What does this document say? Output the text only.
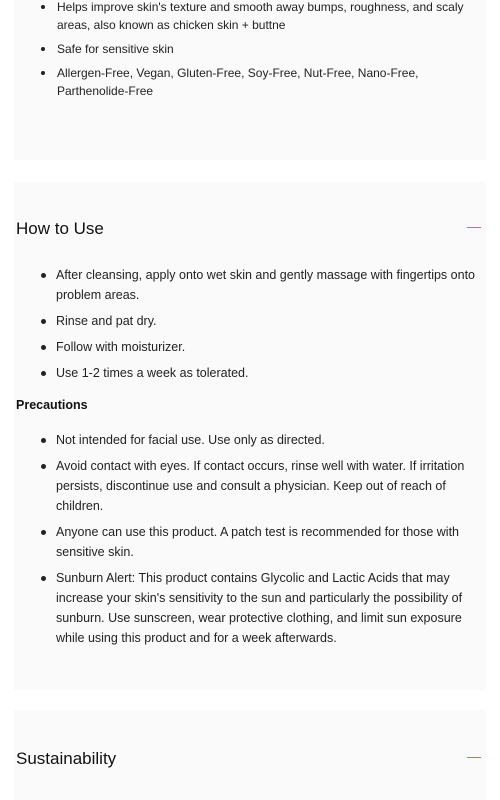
Helps improve skin's texture and smooth away bumps, roughness, and scaly areas, also known as chicken skin + buttne
Safe for sensitive skin
Allergen-Free, Vegan, Gluten-Free, Soy-Free, Nut-Free, Nano-Free, Parthenolide-Free
How to Use
After cleansing, apply onto wet skin and gently massage with fingertips onto problem areas.
Rinse and pat dry.
Follow with moisturizer.
Use 1-2 times a week as tolerated.
Precautions
Not intended for facial use. Use only as directed.
Avoid contact with eyes. If contact occurs, rinse well with water. If irritation persists, discontinue use and consult a physician. Keep out of reach of children.
Anyone can use this product. A patch test is recommended for those with sensitive skin.
Sunburn Alert: This product contains Glycolic and Lactic Acids that may increase your skin's sensitivity to the sun and particularly the possibility of sunburn. Use sunscreen, wear protective clothing, and limit sun exposure while using this product and for a week afterwards.
Sustainability
